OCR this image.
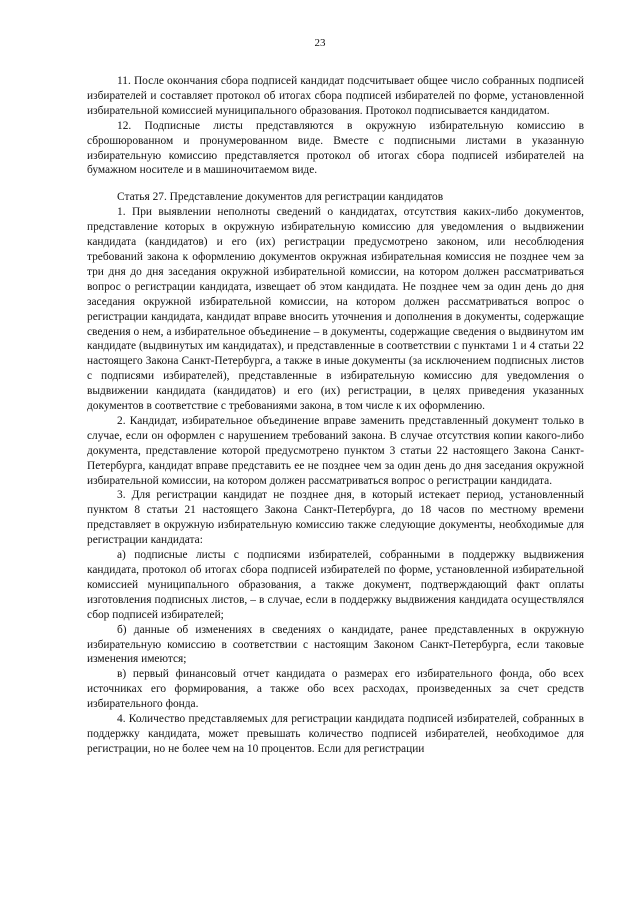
23

11. После окончания сбора подписей кандидат подсчитывает общее число собранных подписей избирателей и составляет протокол об итогах сбора подписей избирателей по форме, установленной избирательной комиссией муниципального образования. Протокол подписывается кандидатом.

12. Подписные листы представляются в окружную избирательную комиссию в сброшюрованном и пронумерованном виде. Вместе с подписными листами в указанную избирательную комиссию представляется протокол об итогах сбора подписей избирателей на бумажном носителе и в машиночитаемом виде.

Статья 27. Представление документов для регистрации кандидатов

1. При выявлении неполноты сведений о кандидатах, отсутствия каких-либо документов, представление которых в окружную избирательную комиссию для уведомления о выдвижении кандидата (кандидатов) и его (их) регистрации предусмотрено законом, или несоблюдения требований закона к оформлению документов окружная избирательная комиссия не позднее чем за три дня до дня заседания окружной избирательной комиссии, на котором должен рассматриваться вопрос о регистрации кандидата, извещает об этом кандидата. Не позднее чем за один день до дня заседания окружной избирательной комиссии, на котором должен рассматриваться вопрос о регистрации кандидата, кандидат вправе вносить уточнения и дополнения в документы, содержащие сведения о нем, а избирательное объединение – в документы, содержащие сведения о выдвинутом им кандидате (выдвинутых им кандидатах), и представленные в соответствии с пунктами 1 и 4 статьи 22 настоящего Закона Санкт-Петербурга, а также в иные документы (за исключением подписных листов с подписями избирателей), представленные в избирательную комиссию для уведомления о выдвижении кандидата (кандидатов) и его (их) регистрации, в целях приведения указанных документов в соответствие с требованиями закона, в том числе к их оформлению.

2. Кандидат, избирательное объединение вправе заменить представленный документ только в случае, если он оформлен с нарушением требований закона. В случае отсутствия копии какого-либо документа, представление которой предусмотрено пунктом 3 статьи 22 настоящего Закона Санкт-Петербурга, кандидат вправе представить ее не позднее чем за один день до дня заседания окружной избирательной комиссии, на котором должен рассматриваться вопрос о регистрации кандидата.

3. Для регистрации кандидат не позднее дня, в который истекает период, установленный пунктом 8 статьи 21 настоящего Закона Санкт-Петербурга, до 18 часов по местному времени представляет в окружную избирательную комиссию также следующие документы, необходимые для регистрации кандидата:

а) подписные листы с подписями избирателей, собранными в поддержку выдвижения кандидата, протокол об итогах сбора подписей избирателей по форме, установленной избирательной комиссией муниципального образования, а также документ, подтверждающий факт оплаты изготовления подписных листов, – в случае, если в поддержку выдвижения кандидата осуществлялся сбор подписей избирателей;

б) данные об изменениях в сведениях о кандидате, ранее представленных в окружную избирательную комиссию в соответствии с настоящим Законом Санкт-Петербурга, если таковые изменения имеются;

в) первый финансовый отчет кандидата о размерах его избирательного фонда, обо всех источниках его формирования, а также обо всех расходах, произведенных за счет средств избирательного фонда.

4. Количество представляемых для регистрации кандидата подписей избирателей, собранных в поддержку кандидата, может превышать количество подписей избирателей, необходимое для регистрации, но не более чем на 10 процентов. Если для регистрации
